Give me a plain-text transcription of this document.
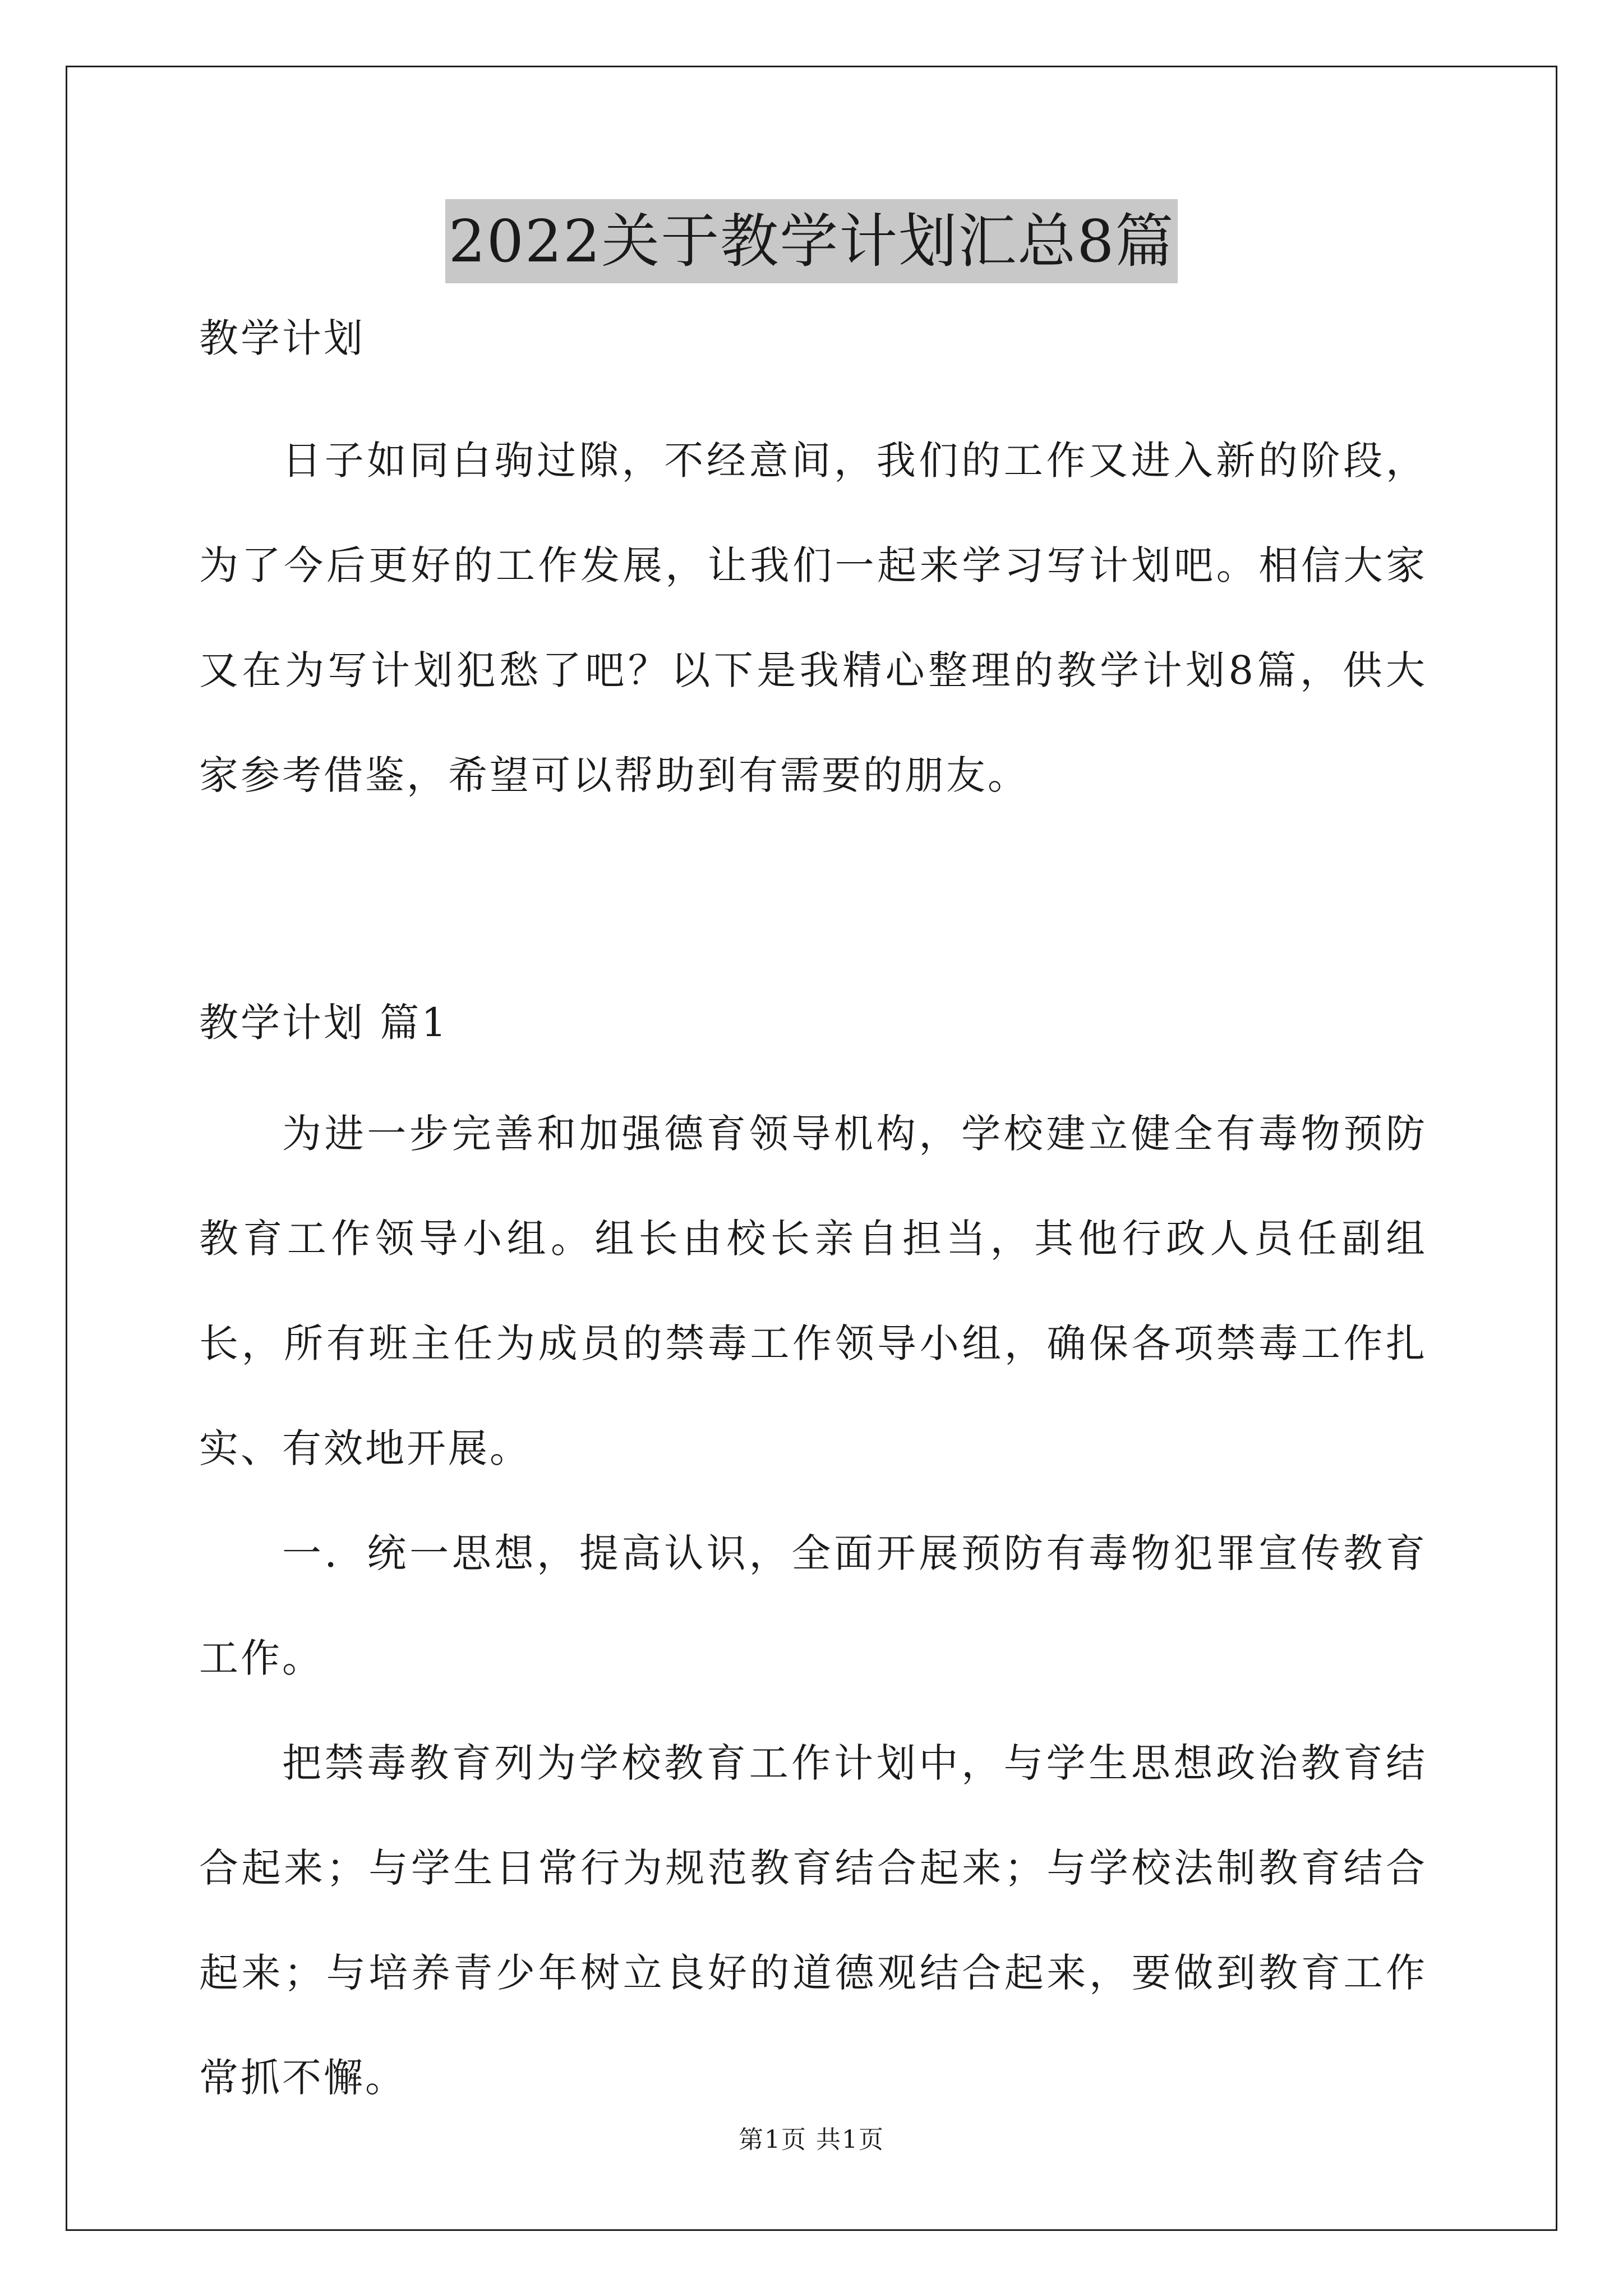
2022关于教学计划汇总8篇
教学计划

日子如同白驹过隙，不经意间，我们的工作又进入新的阶段，为了今后更好的工作发展，让我们一起来学习写计划吧。相信大家又在为写计划犯愁了吧？以下是我精心整理的教学计划8篇，供大家参考借鉴，希望可以帮助到有需要的朋友。

教学计划 篇1

为进一步完善和加强德育领导机构，学校建立健全有毒物预防教育工作领导小组。组长由校长亲自担当，其他行政人员任副组长，所有班主任为成员的禁毒工作领导小组，确保各项禁毒工作扎实、有效地开展。

一．统一思想，提高认识，全面开展预防有毒物犯罪宣传教育工作。

把禁毒教育列为学校教育工作计划中，与学生思想政治教育结合起来；与学生日常行为规范教育结合起来；与学校法制教育结合起来；与培养青少年树立良好的道德观结合起来，要做到教育工作常抓不懈。

第1页 共1页
